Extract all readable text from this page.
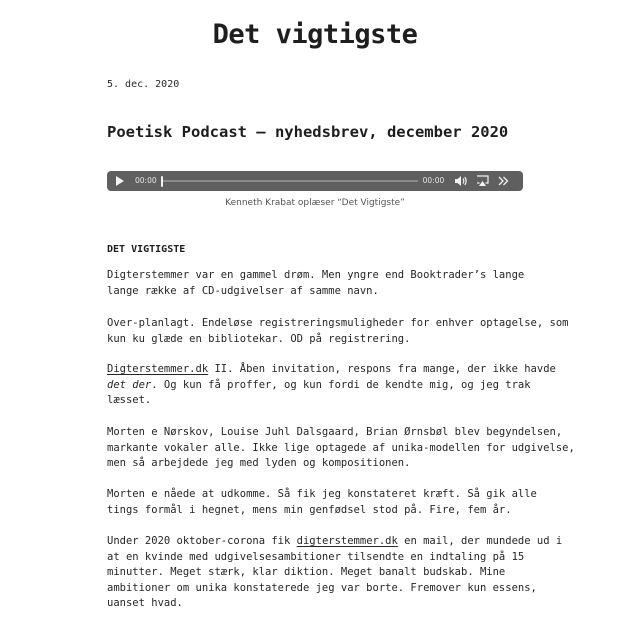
Det vigtigste

5. dec. 2020

Poetisk Podcast – nyhedsbrev, december 2020
00:00	00:00

Kenneth Krabat oplæser “Det Vigtigste”

DET VIGTIGSTE

Digterstemmer var en gammel drøm. Men yngre end Booktrader’s lange
lange række af CD-udgivelser af samme navn.

Over-planlagt. Endeløse registreringsmuligheder for enhver optagelse, som
kun ku glæde en bibliotekar. OD på registrering.

Digterstemmer.dk II. Åben invitation, respons fra mange, der ikke havde
det der. Og kun få proffer, og kun fordi de kendte mig, og jeg trak
læsset.

Morten e Nørskov, Louise Juhl Dalsgaard, Brian Ørnsbøl blev begyndelsen,
markante vokaler alle. Ikke lige optagede af unika-modellen for udgivelse,
men så arbejdede jeg med lyden og kompositionen.

Morten e nåede at udkomme. Så fik jeg konstateret kræft. Så gik alle
tings formål i hegnet, mens min genfødsel stod på. Fire, fem år.

Under 2020 oktober-corona fik digterstemmer.dk en mail, der mundede ud i
at en kvinde med udgivelsesambitioner tilsendte en indtaling på 15
minutter. Meget stærk, klar diktion. Meget banalt budskab. Mine
ambitioner om unika konstaterede jeg var borte. Fremover kun essens,
uanset hvad.
